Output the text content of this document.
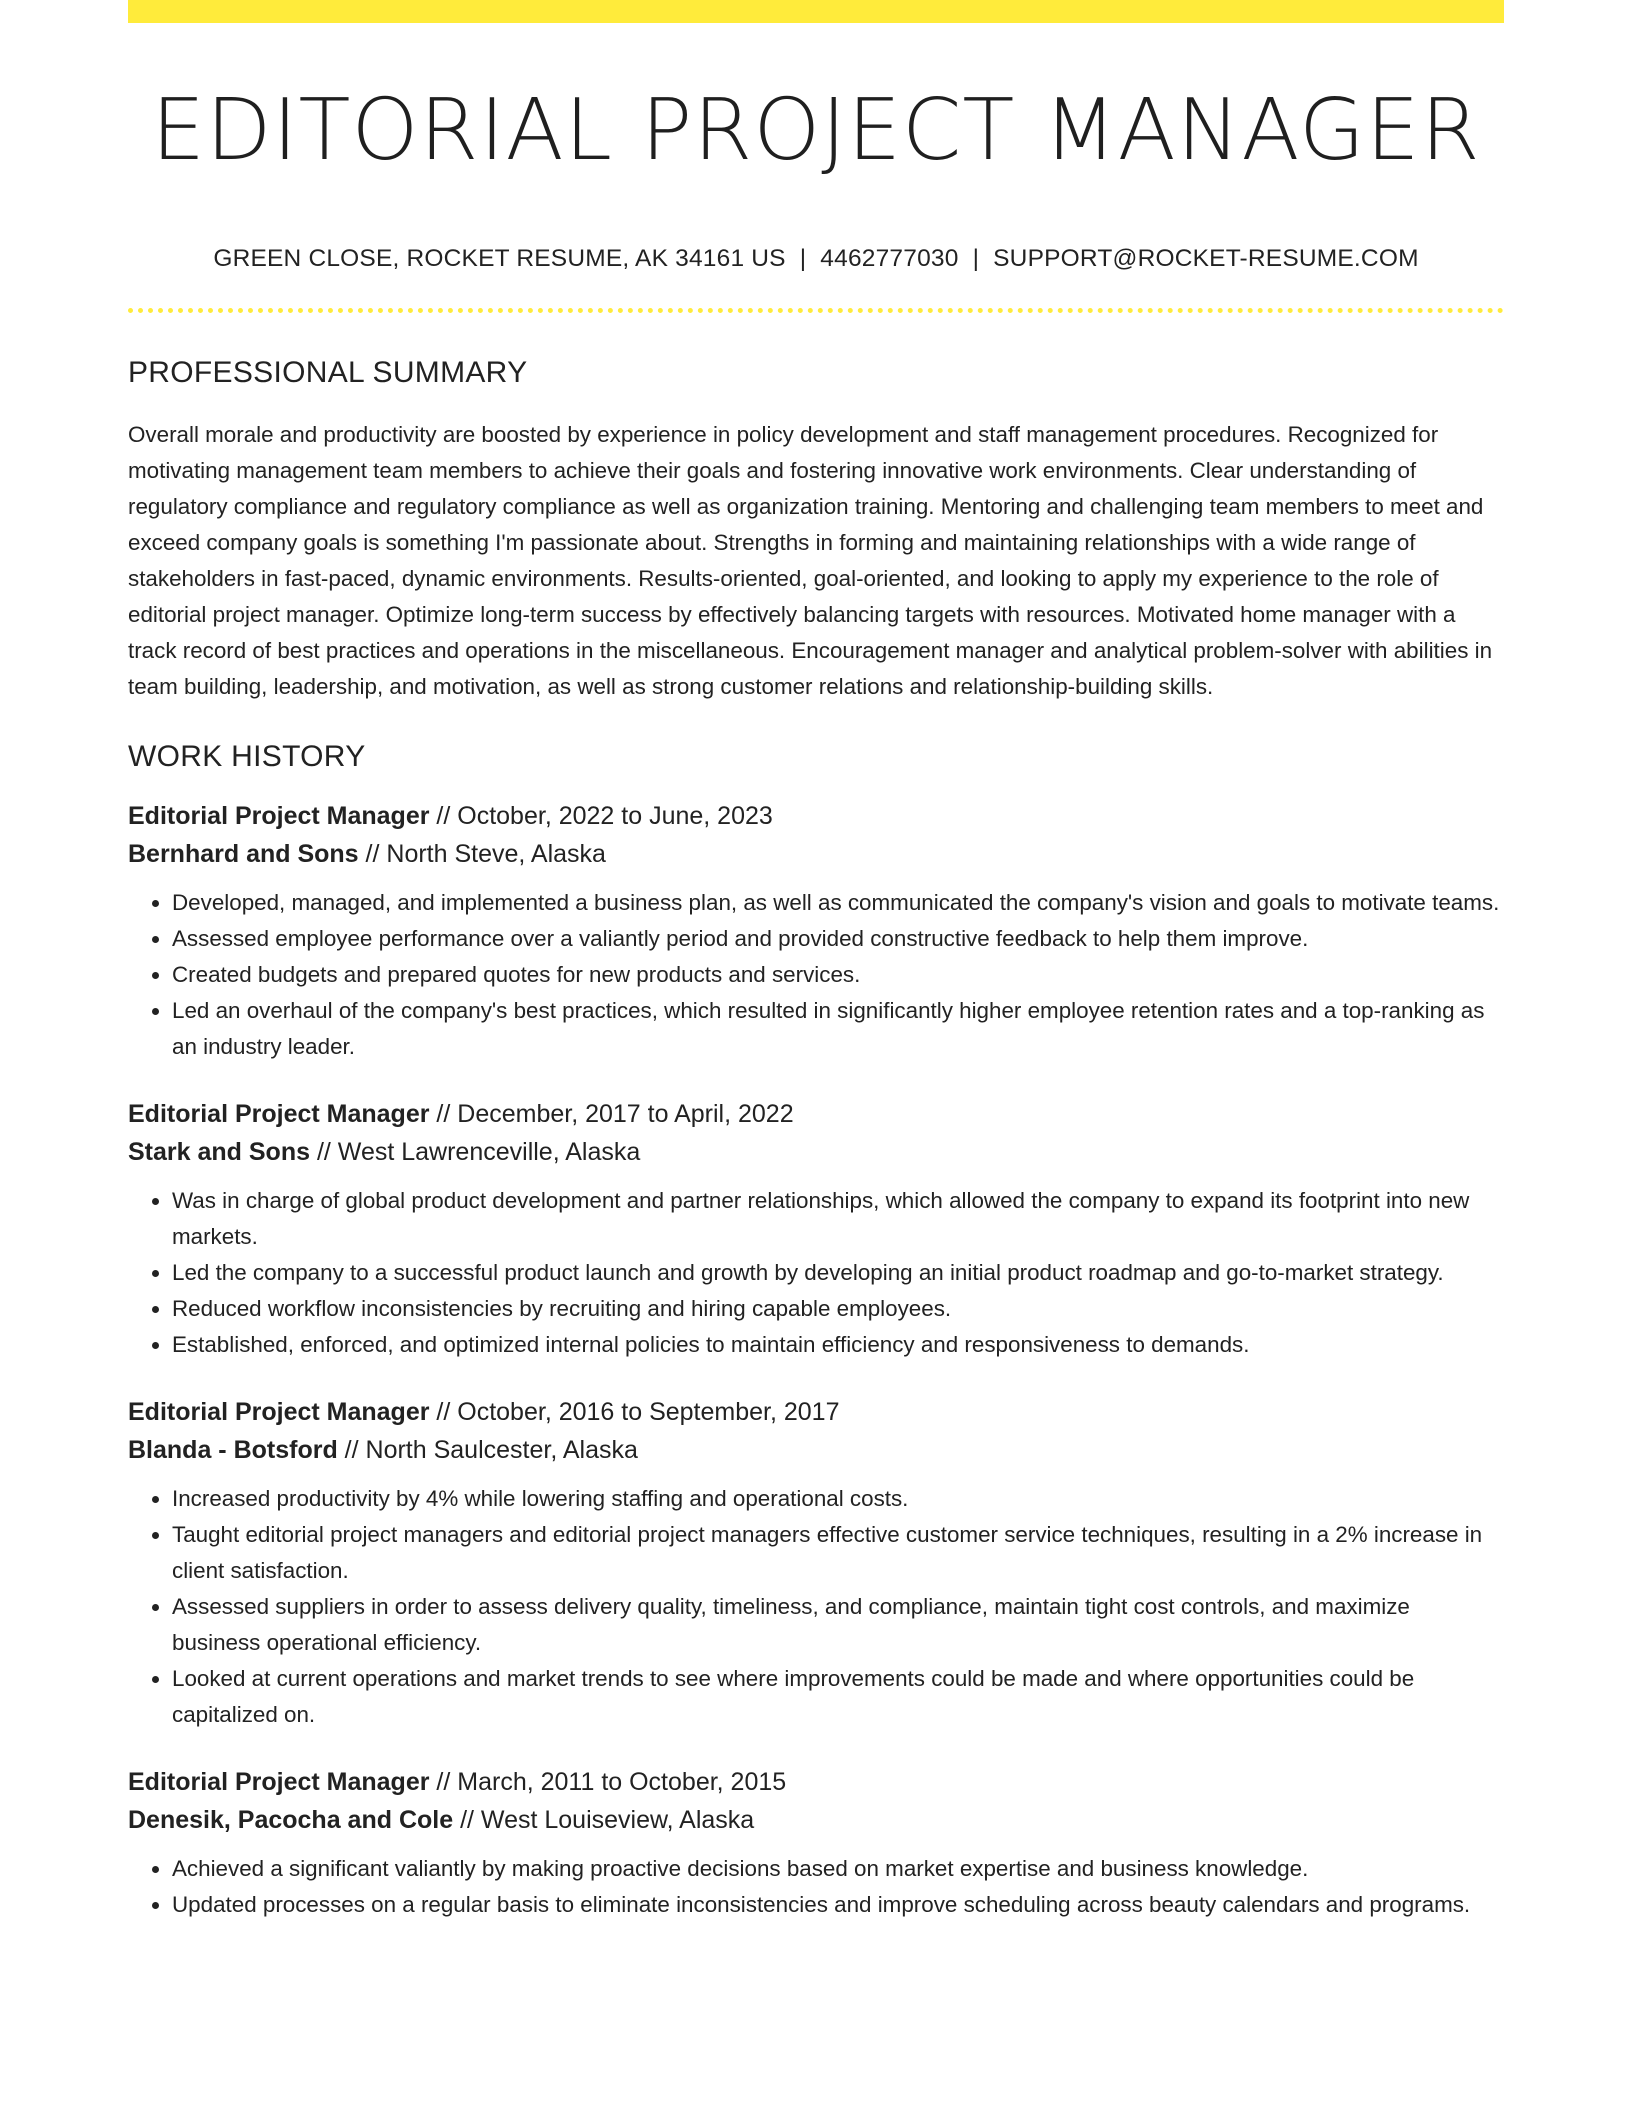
EDITORIAL PROJECT MANAGER
GREEN CLOSE, ROCKET RESUME, AK 34161 US | 4462777030 | SUPPORT@ROCKET-RESUME.COM
PROFESSIONAL SUMMARY
Overall morale and productivity are boosted by experience in policy development and staff management procedures. Recognized for motivating management team members to achieve their goals and fostering innovative work environments. Clear understanding of regulatory compliance and regulatory compliance as well as organization training. Mentoring and challenging team members to meet and exceed company goals is something I'm passionate about. Strengths in forming and maintaining relationships with a wide range of stakeholders in fast-paced, dynamic environments. Results-oriented, goal-oriented, and looking to apply my experience to the role of editorial project manager. Optimize long-term success by effectively balancing targets with resources. Motivated home manager with a track record of best practices and operations in the miscellaneous. Encouragement manager and analytical problem-solver with abilities in team building, leadership, and motivation, as well as strong customer relations and relationship-building skills.
WORK HISTORY
Editorial Project Manager // October, 2022 to June, 2023
Bernhard and Sons // North Steve, Alaska
• Developed, managed, and implemented a business plan, as well as communicated the company's vision and goals to motivate teams.
• Assessed employee performance over a valiantly period and provided constructive feedback to help them improve.
• Created budgets and prepared quotes for new products and services.
• Led an overhaul of the company's best practices, which resulted in significantly higher employee retention rates and a top-ranking as an industry leader.
Editorial Project Manager // December, 2017 to April, 2022
Stark and Sons // West Lawrenceville, Alaska
• Was in charge of global product development and partner relationships, which allowed the company to expand its footprint into new markets.
• Led the company to a successful product launch and growth by developing an initial product roadmap and go-to-market strategy.
• Reduced workflow inconsistencies by recruiting and hiring capable employees.
• Established, enforced, and optimized internal policies to maintain efficiency and responsiveness to demands.
Editorial Project Manager // October, 2016 to September, 2017
Blanda - Botsford // North Saulcester, Alaska
• Increased productivity by 4% while lowering staffing and operational costs.
• Taught editorial project managers and editorial project managers effective customer service techniques, resulting in a 2% increase in client satisfaction.
• Assessed suppliers in order to assess delivery quality, timeliness, and compliance, maintain tight cost controls, and maximize business operational efficiency.
• Looked at current operations and market trends to see where improvements could be made and where opportunities could be capitalized on.
Editorial Project Manager // March, 2011 to October, 2015
Denesik, Pacocha and Cole // West Louiseview, Alaska
• Achieved a significant valiantly by making proactive decisions based on market expertise and business knowledge.
• Updated processes on a regular basis to eliminate inconsistencies and improve scheduling across beauty calendars and programs.
